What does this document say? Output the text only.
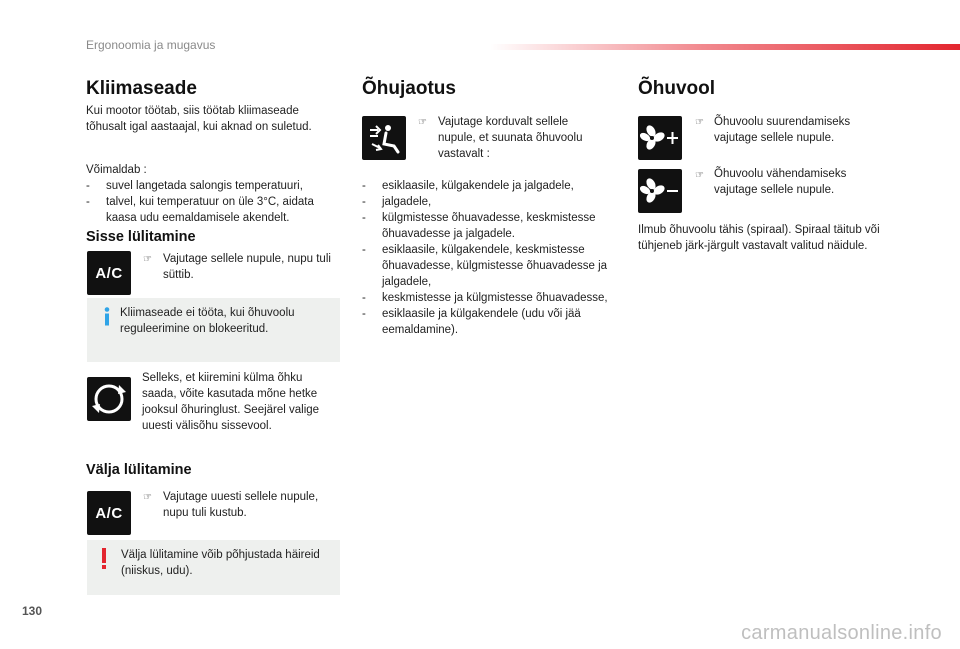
Ergonoomia ja mugavus
Kliimaseade
Kui mootor töötab, siis töötab kliimaseade tõhusalt igal aastaajal, kui aknad on suletud.
Võimaldab :
- suvel langetada salongis temperatuuri,
- talvel, kui temperatuur on üle 3°C, aidata kaasa udu eemaldamisele akendelt.
Sisse lülitamine
A/C
☞ Vajutage sellele nupule, nupu tuli süttib.
Kliimaseade ei tööta, kui õhuvoolu reguleerimine on blokeeritud.
Selleks, et kiiremini külma õhku saada, võite kasutada mõne hetke jooksul õhuringlust. Seejärel valige uuesti välisõhu sissevool.
Välja lülitamine
A/C
☞ Vajutage uuesti sellele nupule, nupu tuli kustub.
Välja lülitamine võib põhjustada häireid (niiskus, udu).
Õhujaotus
☞ Vajutage korduvalt sellele nupule, et suunata õhuvoolu vastavalt :
- esiklaasile, külgakendele ja jalgadele,
- jalgadele,
- külgmistesse õhuavadesse, keskmistesse õhuavadesse ja jalgadele.
- esiklaasile, külgakendele, keskmistesse õhuavadesse, külgmistesse õhuavadesse ja jalgadele,
- keskmistesse ja külgmistesse õhuavadesse,
- esiklaasile ja külgakendele (udu või jää eemaldamine).
Õhuvool
☞ Õhuvoolu suurendamiseks vajutage sellele nupule.
☞ Õhuvoolu vähendamiseks vajutage sellele nupule.
Ilmub õhuvoolu tähis (spiraal). Spiraal täitub või tühjeneb järk-järgult vastavalt valitud näidule.
130
carmanualsonline.info
